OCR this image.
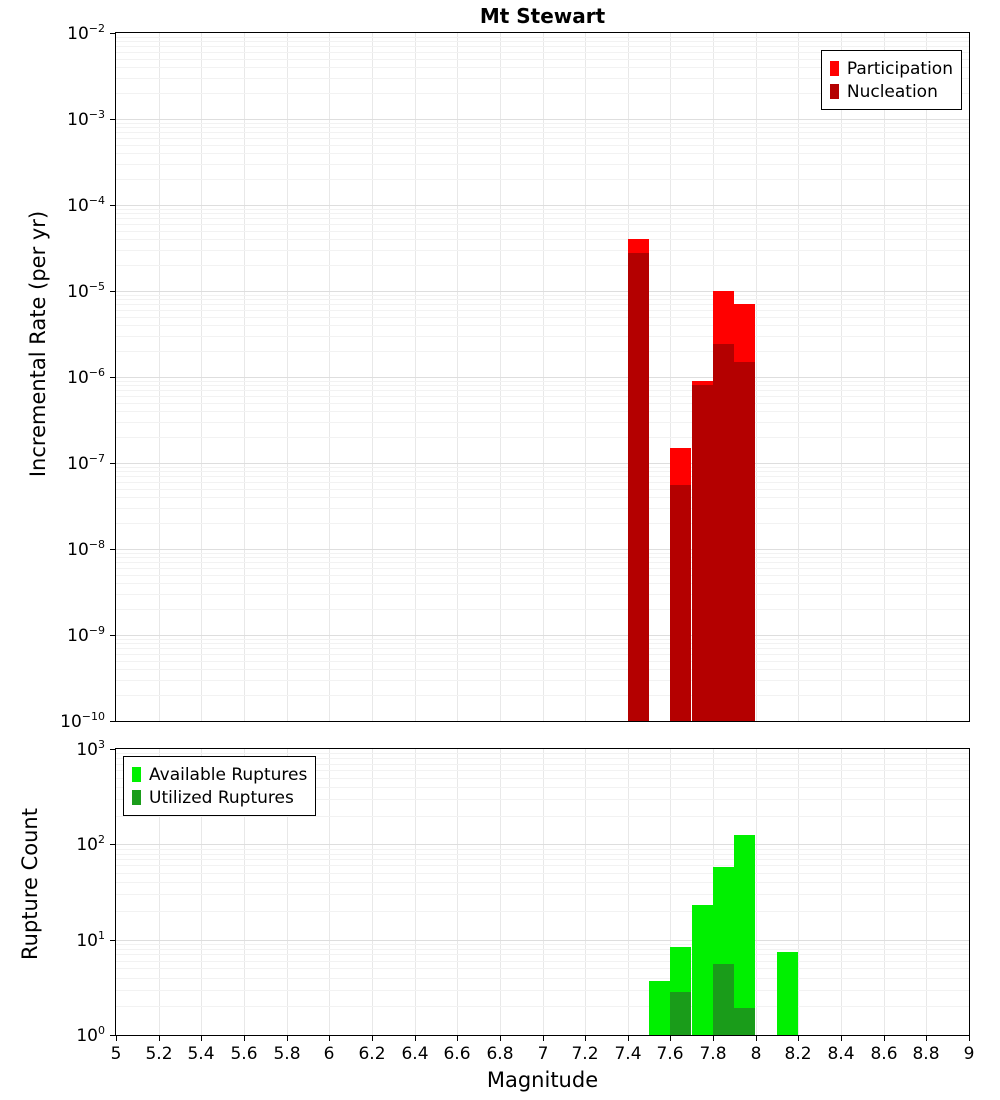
Mt Stewart
Incremental Rate (per yr)
Participation
Nucleation
Rupture Count
Available Ruptures
Utilized Ruptures
Magnitude
$10^{-2}$
$10^{-3}$
$10^{-4}$
$10^{-5}$
$10^{-6}$
$10^{-7}$
$10^{-8}$
$10^{-9}$
$10^{-10}$
5 5.2 5.4 5.6 5.8 6 6.2 6.4 6.6 6.8 7 7.2 7.4 7.6 7.8 8 8.2 8.4 8.6 8.8 9
$10^3$
$10^2$
$10^1$
$10^0$
